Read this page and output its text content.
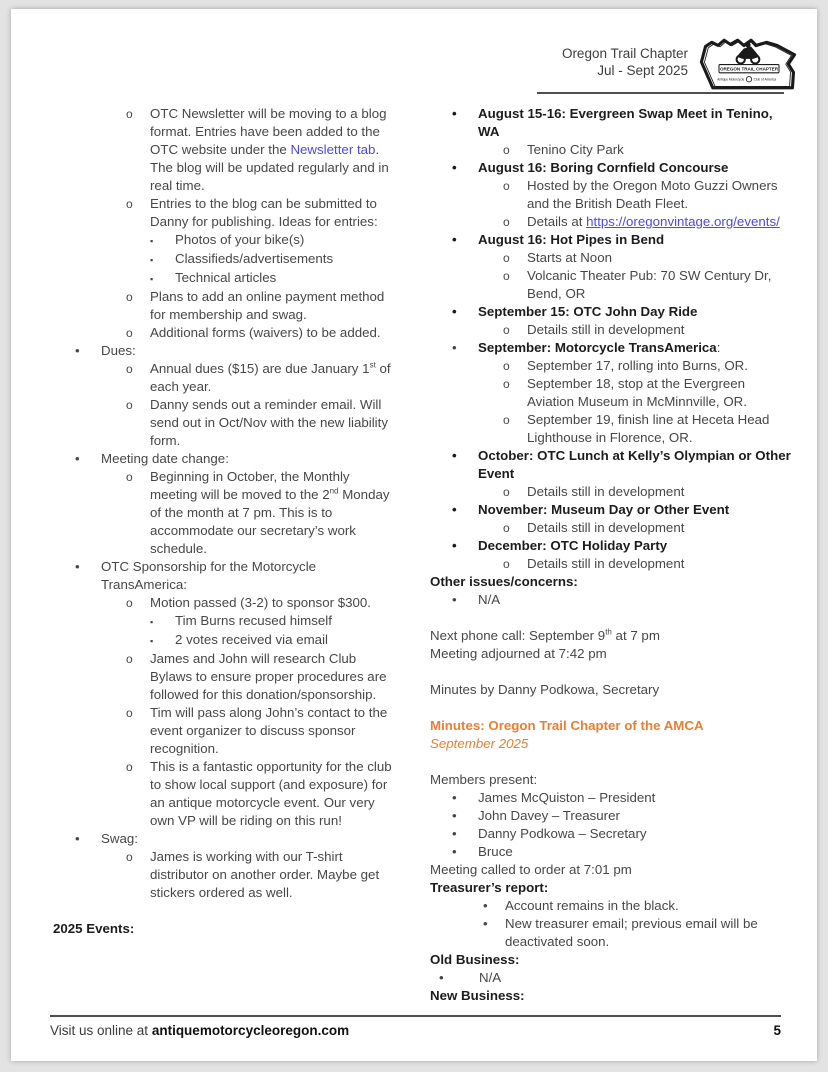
Oregon Trail Chapter
Jul - Sept 2025	OREGON TRAIL CHAPTER
Antique Motorcycle	Club of America
o	OTC Newsletter will be moving to a blog format. Entries have been added to the OTC website under the Newsletter tab. The blog will be updated regularly and in real time.
o	Entries to the blog can be submitted to Danny for publishing. Ideas for entries:
▪	Photos of your bike(s)
▪	Classifieds/advertisements
▪	Technical articles
o	Plans to add an online payment method for membership and swag.
o	Additional forms (waivers) to be added.
•	Dues:
o	Annual dues ($15) are due January 1st of each year.
o	Danny sends out a reminder email. Will send out in Oct/Nov with the new liability form.
•	Meeting date change:
o	Beginning in October, the Monthly meeting will be moved to the 2nd Monday of the month at 7 pm. This is to accommodate our secretary’s work schedule.
•	OTC Sponsorship for the Motorcycle TransAmerica:
o	Motion passed (3-2) to sponsor $300.
▪	Tim Burns recused himself
▪	2 votes received via email
o	James and John will research Club Bylaws to ensure proper procedures are followed for this donation/sponsorship.
o	Tim will pass along John’s contact to the event organizer to discuss sponsor recognition.
o	This is a fantastic opportunity for the club to show local support (and exposure) for an antique motorcycle event. Our very own VP will be riding on this run!
•	Swag:
o	James is working with our T-shirt distributor on another order. Maybe get stickers ordered as well.
2025 Events:
•	August 15-16: Evergreen Swap Meet in Tenino, WA
o	Tenino City Park
•	August 16: Boring Cornfield Concourse
o	Hosted by the Oregon Moto Guzzi Owners and the British Death Fleet.
o	Details at https://oregonvintage.org/events/
•	August 16: Hot Pipes in Bend
o	Starts at Noon
o	Volcanic Theater Pub: 70 SW Century Dr, Bend, OR
•	September 15: OTC John Day Ride
o	Details still in development
•	September: Motorcycle TransAmerica:
o	September 17, rolling into Burns, OR.
o	September 18, stop at the Evergreen Aviation Museum in McMinnville, OR.
o	September 19, finish line at Heceta Head Lighthouse in Florence, OR.
•	October: OTC Lunch at Kelly’s Olympian or Other Event
o	Details still in development
•	November: Museum Day or Other Event
o	Details still in development
•	December: OTC Holiday Party
o	Details still in development
Other issues/concerns:
•	N/A
Next phone call: September 9th at 7 pm
Meeting adjourned at 7:42 pm
Minutes by Danny Podkowa, Secretary
Minutes: Oregon Trail Chapter of the AMCA
September 2025
Members present:
•	James McQuiston – President
•	John Davey – Treasurer
•	Danny Podkowa – Secretary
•	Bruce
Meeting called to order at 7:01 pm
Treasurer’s report:
•	Account remains in the black.
•	New treasurer email; previous email will be deactivated soon.
Old Business:
•	N/A
New Business:
Visit us online at antiquemotorcycleoregon.com	5
